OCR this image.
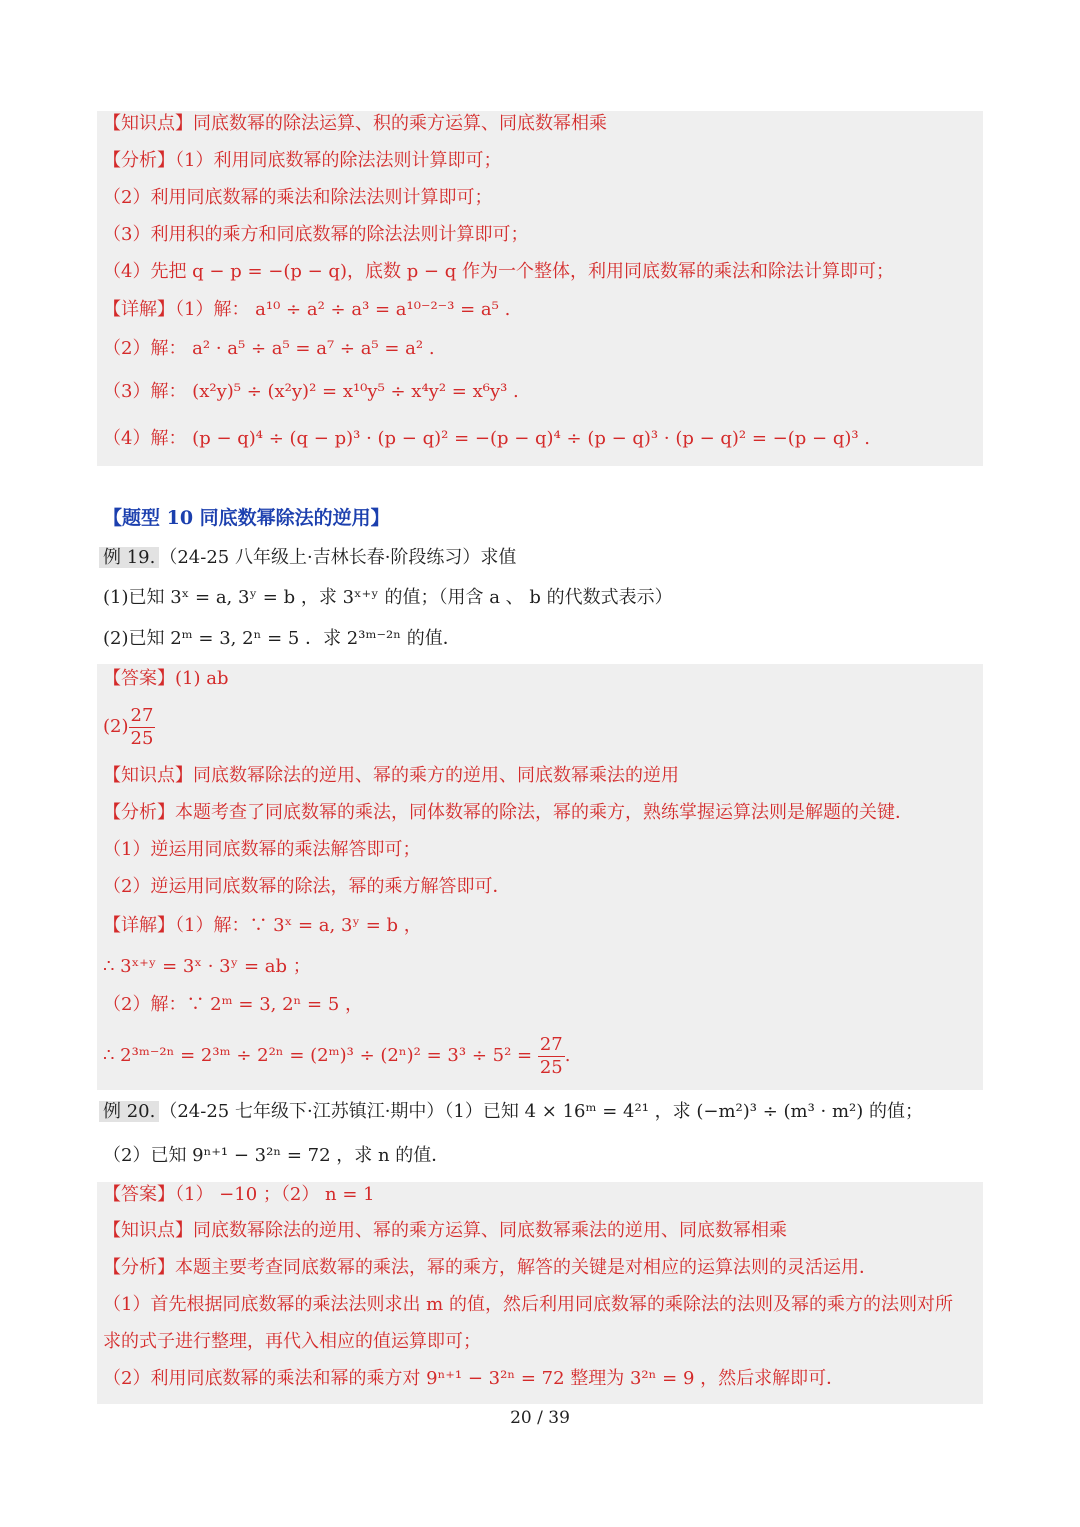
【知识点】同底数幂的除法运算、积的乘方运算、同底数幂相乘
【分析】（1）利用同底数幂的除法法则计算即可；
（2）利用同底数幂的乘法和除法法则计算即可；
（3）利用积的乘方和同底数幂的除法法则计算即可；
（4）先把 q − p = −(p − q)，底数 p − q 作为一个整体，利用同底数幂的乘法和除法计算即可；
【详解】（1）解： a¹⁰ ÷ a² ÷ a³ = a¹⁰⁻²⁻³ = a⁵ .
（2）解： a² · a⁵ ÷ a⁵ = a⁷ ÷ a⁵ = a² .
（3）解： (x²y)⁵ ÷ (x²y)² = x¹⁰y⁵ ÷ x⁴y² = x⁶y³ .
（4）解： (p − q)⁴ ÷ (q − p)³ · (p − q)² = −(p − q)⁴ ÷ (p − q)³ · (p − q)² = −(p − q)³ .
【题型 10 同底数幂除法的逆用】
例 19. （24-25 八年级上·吉林长春·阶段练习）求值
(1)已知 3ˣ = a, 3ʸ = b ，求 3ˣ⁺ʸ 的值；（用含 a 、 b 的代数式表示）
(2)已知 2ᵐ = 3, 2ⁿ = 5 ．求 2³ᵐ⁻²ⁿ 的值．
【答案】(1) ab
$(2) \frac{27}{25}$
【知识点】同底数幂除法的逆用、幂的乘方的逆用、同底数幂乘法的逆用
【分析】本题考查了同底数幂的乘法，同体数幂的除法，幂的乘方，熟练掌握运算法则是解题的关键．
（1）逆运用同底数幂的乘法解答即可；
（2）逆运用同底数幂的除法，幂的乘方解答即可．
【详解】（1）解：∵ 3ˣ = a, 3ʸ = b ，
∴ 3ˣ⁺ʸ = 3ˣ · 3ʸ = ab ；
（2）解：∵ 2ᵐ = 3, 2ⁿ = 5 ，
∴ 2³ᵐ⁻²ⁿ = 2³ᵐ ÷ 2²ⁿ = (2ᵐ)³ ÷ $(2^n)^2 = 3^3 \div 5^2 = \frac{27}{25}$ .
例 20. （24-25 七年级下·江苏镇江·期中）（1）已知 4 × 16ᵐ = 4²¹ ，求 (−m²)³ ÷ (m³ · m²) 的值；
（2）已知 9ⁿ⁺¹ − 3²ⁿ = 72 ，求 n 的值．
【答案】（1） −10 ；（2） n = 1
【知识点】同底数幂除法的逆用、幂的乘方运算、同底数幂乘法的逆用、同底数幂相乘
【分析】本题主要考查同底数幂的乘法，幂的乘方，解答的关键是对相应的运算法则的灵活运用．
（1）首先根据同底数幂的乘法法则求出 m 的值，然后利用同底数幂的乘除法的法则及幂的乘方的法则对所
求的式子进行整理，再代入相应的值运算即可；
（2）利用同底数幂的乘法和幂的乘方对 9ⁿ⁺¹ − 3²ⁿ = 72 整理为 3²ⁿ = 9 ，然后求解即可．
20 / 39
